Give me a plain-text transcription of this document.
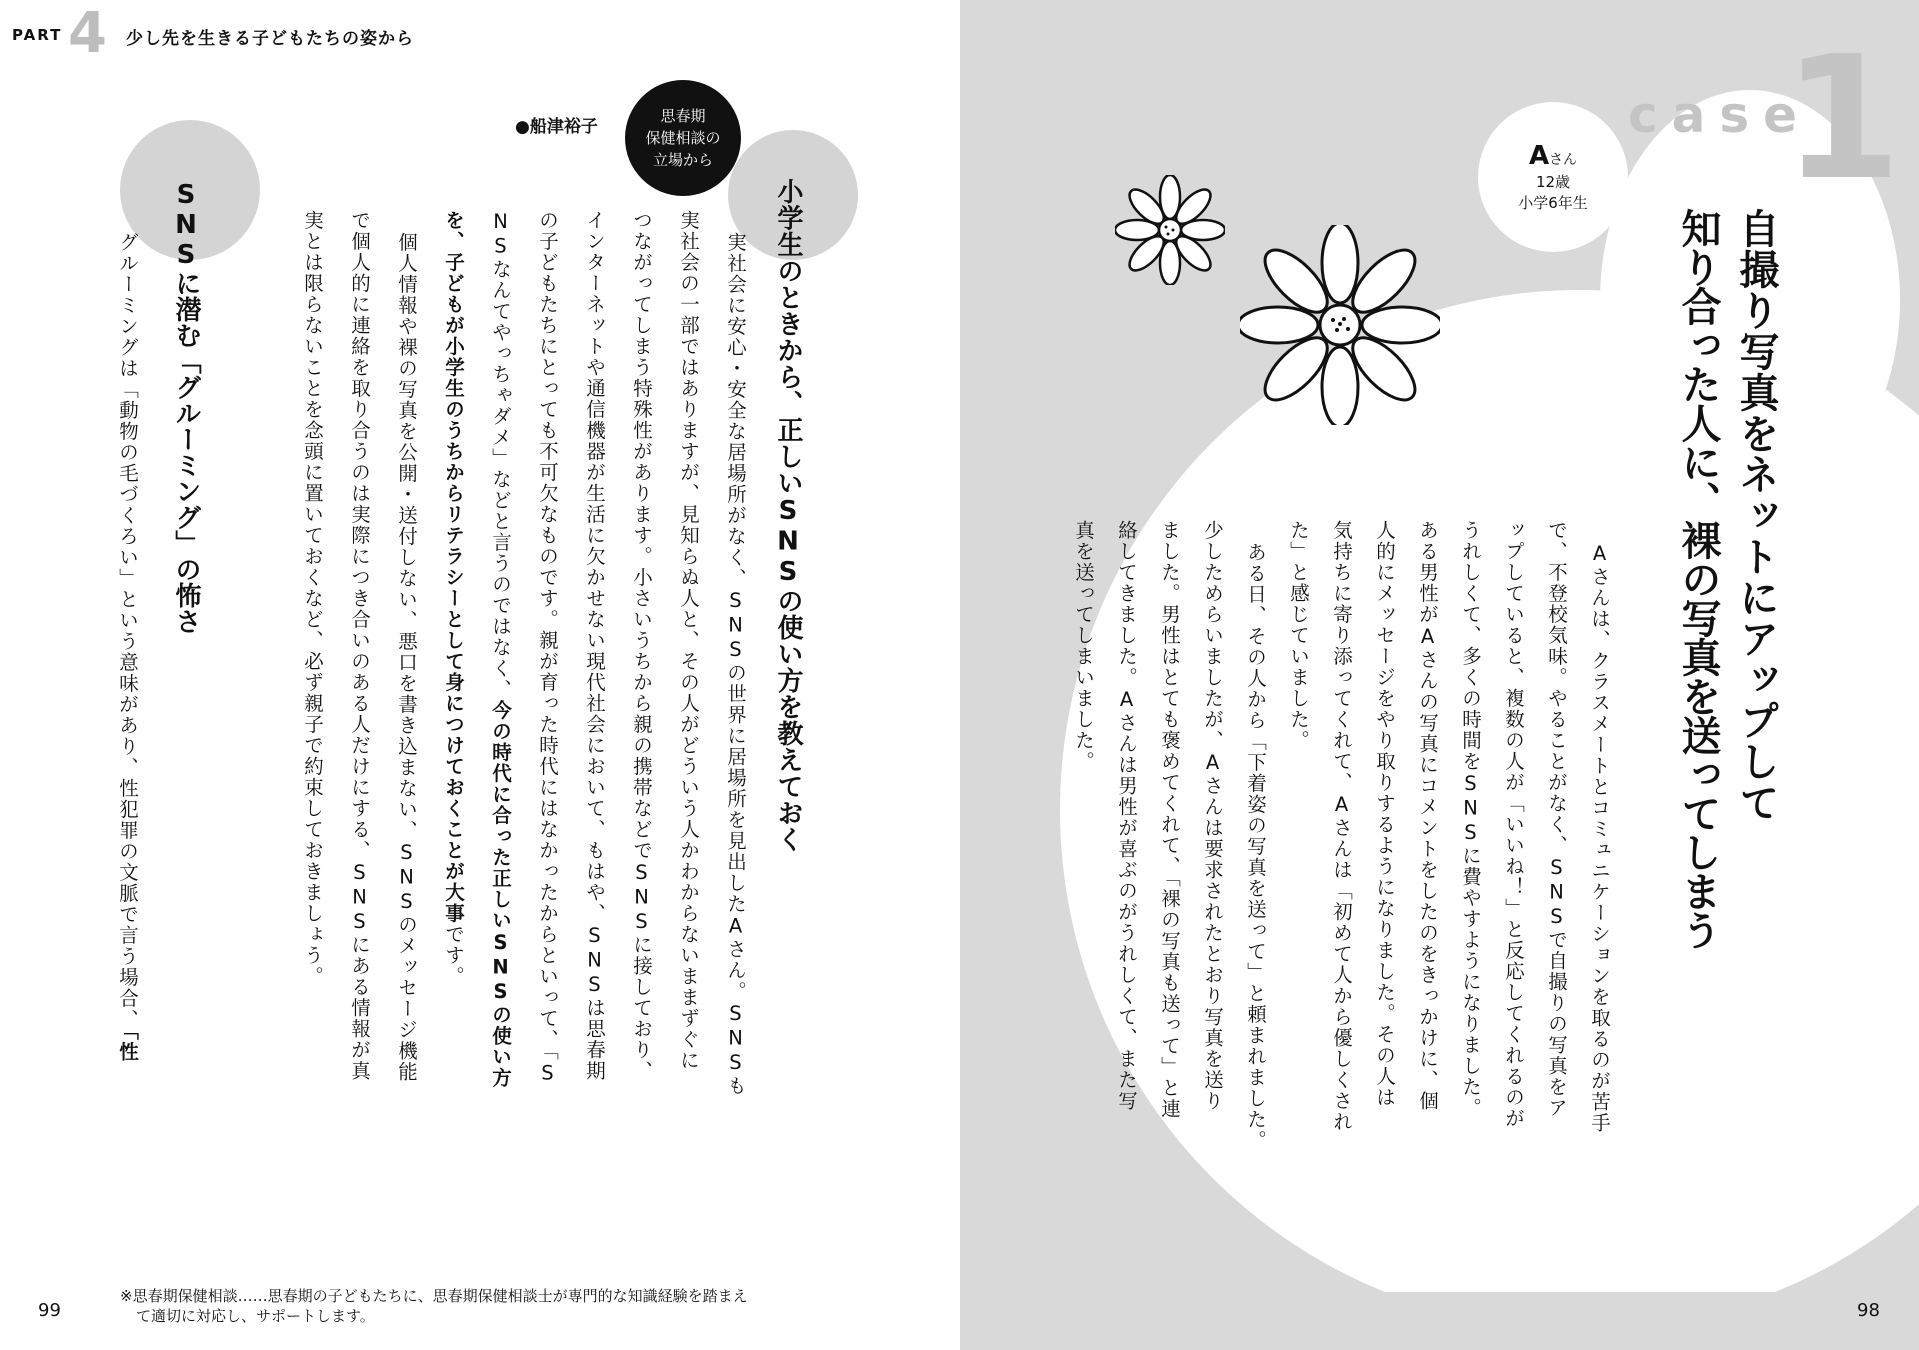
PART 4 少し先を生きる子どもたちの姿から
●船津裕子
思春期
保健相談の
立場から
小学生のときから、正しいSNSの使い方を教えておく
実社会に安心・安全な居場所がなく、SNSの世界に居場所を見出したAさん。SNSも
実社会の一部ではありますが、見知らぬ人と、その人がどういう人かわからないままずぐに
つながってしまう特殊性があります。小さいうちから親の携帯などでSNSに接しており、
インターネットや通信機器が生活に欠かせない現代社会において、もはや、SNSは思春期
の子どもたちにとっても不可欠なものです。親が育った時代にはなかったからといって、「S
NSなんてやっちゃダメ」などと言うのではなく、今の時代に合った正しいSNSの使い方
を、子どもが小学生のうちからリテラシーとして身につけておくことが大事です。
個人情報や裸の写真を公開・送付しない、悪口を書き込まない、SNSのメッセージ機能
で個人的に連絡を取り合うのは実際につき合いのある人だけにする、SNSにある情報が真
実とは限らないことを念頭に置いておくなど、必ず親子で約束しておきましょう。
SNSに潜む「グルーミング」の怖さ
グルーミングは「動物の毛づくろい」という意味があり、性犯罪の文脈で言う場合、「性
※思春期保健相談……思春期の子どもたちに、思春期保健相談士が専門的な知識経験を踏まえ
て適切に対応し、サポートします。
99
case
1
Aさん
12歳
小学6年生
自撮り写真をネットにアップして
知り合った人に、裸の写真を送ってしまう
Aさんは、クラスメートとコミュニケーションを取るのが苦手
で、不登校気味。やることがなく、SNSで自撮りの写真をア
ップしていると、複数の人が「いいね！」と反応してくれるのが
うれしくて、多くの時間をSNSに費やすようになりました。
ある男性がAさんの写真にコメントをしたのをきっかけに、個
人的にメッセージをやり取りするようになりました。その人は
気持ちに寄り添ってくれて、Aさんは「初めて人から優しくされ
た」と感じていました。
ある日、その人から「下着姿の写真を送って」と頼まれました。
少しためらいましたが、Aさんは要求されたとおり写真を送り
ました。男性はとても褒めてくれて、「裸の写真も送って」と連
絡してきました。Aさんは男性が喜ぶのがうれしくて、また写
真を送ってしまいました。
98
